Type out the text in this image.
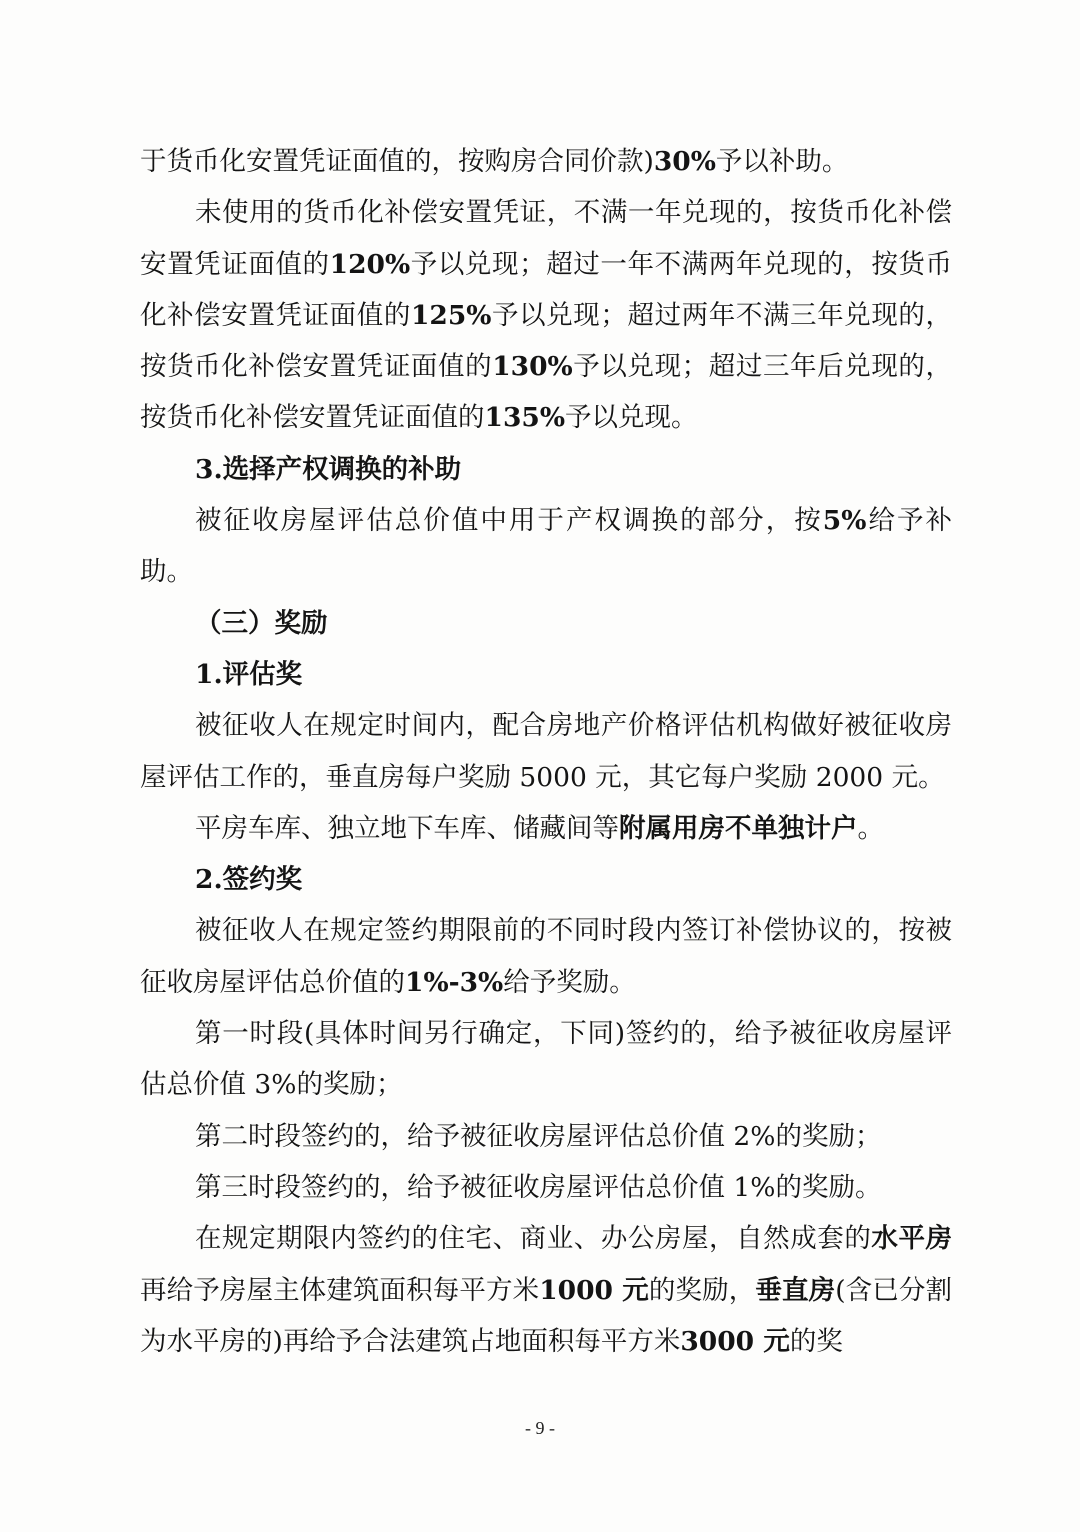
于货币化安置凭证面值的，按购房合同价款)30%予以补助。

未使用的货币化补偿安置凭证，不满一年兑现的，按货币化补偿安置凭证面值的120%予以兑现；超过一年不满两年兑现的，按货币化补偿安置凭证面值的125%予以兑现；超过两年不满三年兑现的，按货币化补偿安置凭证面值的130%予以兑现；超过三年后兑现的，按货币化补偿安置凭证面值的135%予以兑现。

3.选择产权调换的补助

被征收房屋评估总价值中用于产权调换的部分，按5%给予补助。

（三）奖励

1.评估奖

被征收人在规定时间内，配合房地产价格评估机构做好被征收房屋评估工作的，垂直房每户奖励 5000 元，其它每户奖励 2000 元。

平房车库、独立地下车库、储藏间等附属用房不单独计户。

2.签约奖

被征收人在规定签约期限前的不同时段内签订补偿协议的，按被征收房屋评估总价值的1%-3%给予奖励。

第一时段(具体时间另行确定，下同)签约的，给予被征收房屋评估总价值 3%的奖励；

第二时段签约的，给予被征收房屋评估总价值 2%的奖励；

第三时段签约的，给予被征收房屋评估总价值 1%的奖励。

在规定期限内签约的住宅、商业、办公房屋，自然成套的水平房再给予房屋主体建筑面积每平方米1000 元的奖励，垂直房(含已分割为水平房的)再给予合法建筑占地面积每平方米3000 元的奖

- 9 -
